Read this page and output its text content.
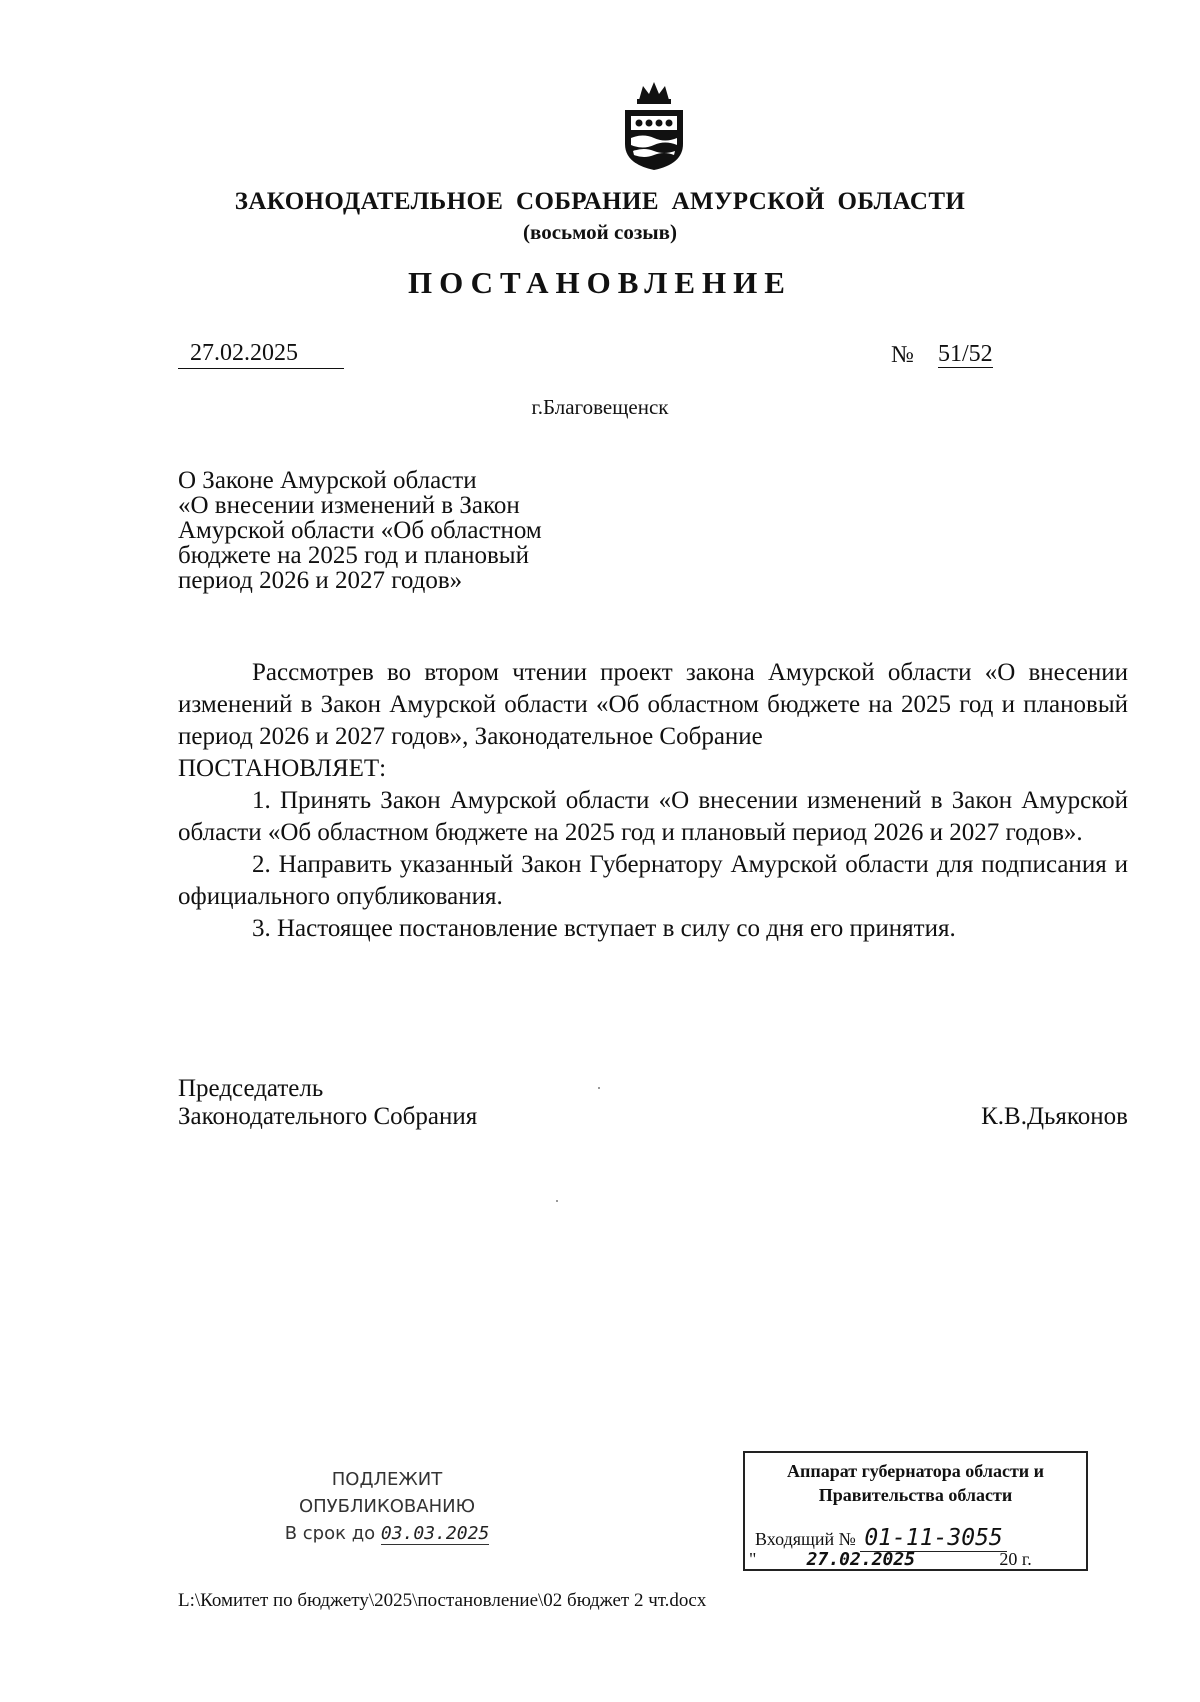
ЗАКОНОДАТЕЛЬНОЕ СОБРАНИЕ АМУРСКОЙ ОБЛАСТИ
(восьмой созыв)
ПОСТАНОВЛЕНИЕ
27.02.2025	№ 51/52
г.Благовещенск
О Законе Амурской области
«О внесении изменений в Закон
Амурской области «Об областном
бюджете на 2025 год и плановый
период 2026 и 2027 годов»

Рассмотрев во втором чтении проект закона Амурской области «О внесении изменений в Закон Амурской области «Об областном бюджете на 2025 год и плановый период 2026 и 2027 годов», Законодательное Собрание

ПОСТАНОВЛЯЕТ:

1. Принять Закон Амурской области «О внесении изменений в Закон Амурской области «Об областном бюджете на 2025 год и плановый период 2026 и 2027 годов».

2. Направить указанный Закон Губернатору Амурской области для подписания и официального опубликования.

3. Настоящее постановление вступает в силу со дня его принятия.

Председатель
Законодательного Собрания	К.В.Дьяконов
ПОДЛЕЖИТ
ОПУБЛИКОВАНИЮ
В срок до 03.03.2025
Аппарат губернатора области и
Правительства области
Входящий № 01-11-3055
"	27.02.2025	20 г.
L:\Комитет по бюджету\2025\постановление\02 бюджет 2 чт.docx
